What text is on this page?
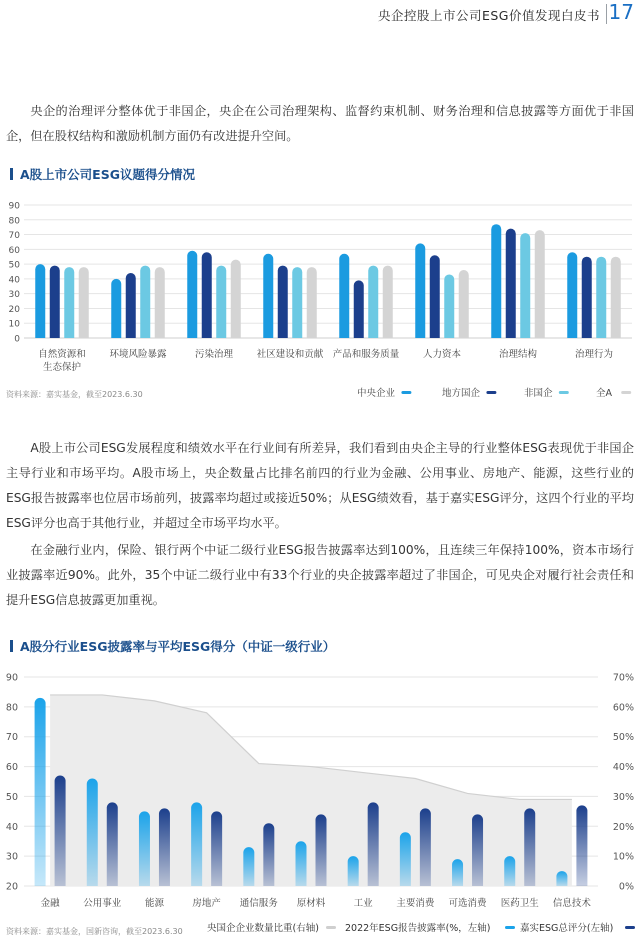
央企控股上市公司ESG价值发现白皮书 17

央企的治理评分整体优于非国企，央企在公司治理架构、监督约束机制、财务治理和信息披露等方面优于非国企，但在股权结构和激励机制方面仍有改进提升空间。

A股上市公司ESG议题得分情况
0
10
20
30
40
50
60
70
80
90
自然资源和
生态保护
环境风险暴露	污染治理 社区建设和贡献 产品和服务质量 人力资本	治理结构	治理行为
中央企业	地方国企	非国企	全A
资料来源：嘉实基金，截至2023.6.30

A股上市公司ESG发展程度和绩效水平在行业间有所差异，我们看到由央企主导的行业整体ESG表现优于非国企主导行业和市场平均。A股市场上，央企数量占比排名前四的行业为金融、公用事业、房地产、能源，这些行业的ESG报告披露率也位居市场前列，披露率均超过或接近50%；从ESG绩效看，基于嘉实ESG评分，这四个行业的平均ESG评分也高于其他行业，并超过全市场平均水平。

在金融行业内，保险、银行两个中证二级行业ESG报告披露率达到100%，且连续三年保持100%，资本市场行业披露率近90%。此外，35个中证二级行业中有33个行业的央企披露率超过了非国企，可见央企对履行社会责任和提升ESG信息披露更加重视。

A股分行业ESG披露率与平均ESG得分（中证一级行业）
20	0%
30	10%
40	20%
50	30%
60	40%
70	50%
80	60%
90	70%
金融 公用事业 能源	房地产 通信服务 原材料	工业 主要消费 可选消费 医药卫生 信息技术
央国企企业数量比重(右轴)	2022年ESG报告披露率(%，左轴)	嘉实ESG总评分(左轴)
资料来源：嘉实基金，国新咨询，截至2023.6.30
